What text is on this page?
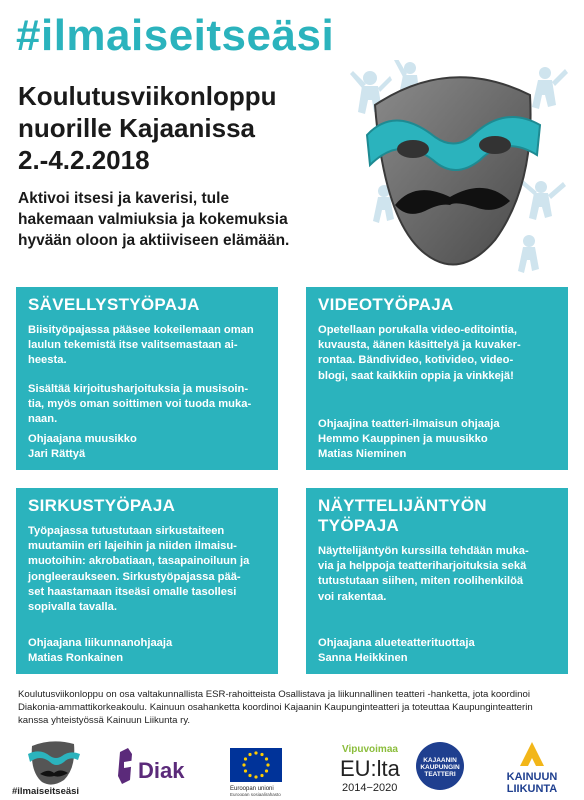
#ilmaiseitseäsi
Koulutusviikonloppu
nuorille Kajaanissa
2.-4.2.2018
Aktivoi itsesi ja kaverisi, tule
hakemaan valmiuksia ja kokemuksia
hyvään oloon ja aktiiviseen elämään.
SÄVELLYSTYÖPAJA
Biisityöpajassa pääsee kokeilemaan oman
laulun tekemistä itse valitsemastaan ai-
heesta.
Sisältää kirjoitusharjoituksia ja musisoin-
tia, myös oman soittimen voi tuoda muka-
naan.
Ohjaajana muusikko
Jari Rättyä
VIDEOTYÖPAJA
Opetellaan porukalla video-editointia,
kuvausta, äänen käsittelyä ja kuvaker-
rontaa. Bändivideo, kotivideo, video-
blogi, saat kaikkiin oppia ja vinkkejä!
Ohjaajina teatteri-ilmaisun ohjaaja
Hemmo Kauppinen ja muusikko
Matias Nieminen
SIRKUSTYÖPAJA
Työpajassa tutustutaan sirkustaiteen
muutamiin eri lajeihin ja niiden ilmaisu-
muotoihin: akrobatiaan, tasapainoiluun ja
jongleeraukseen. Sirkustyöpajassa pää-
set haastamaan itseäsi omalle tasollesi
sopivalla tavalla.
Ohjaajana liikunnanohjaaja
Matias Ronkainen
NÄYTTELIJÄNTYÖN
TYÖPAJA
Näyttelijäntyön kurssilla tehdään muka-
via ja helppoja teatteriharjoituksia sekä
tutustutaan siihen, miten roolihenkilöä
voi rakentaa.
Ohjaajana alueteatterituottaja
Sanna Heikkinen
Koulutusviikonloppu on osa valtakunnallista ESR-rahoitteista Osallistava ja liikunnallinen teatteri -hanketta, jota koordinoi
Diakonia-ammattikorkeakoulu. Kainuun osahanketta koordinoi Kajaanin Kaupunginteatteri ja toteuttaa Kaupunginteatterin
kanssa yhteistyössä Kainuun Liikunta ry.
#ilmaiseitseäsi
Diak
Euroopan unioni
Euroopan sosiaalirahasto
Vipuvoimaa
EU:lta
2014−2020
KAJAANIN
KAUPUNGIN
TEATTERI	KAINUUN
LIIKUNTA
